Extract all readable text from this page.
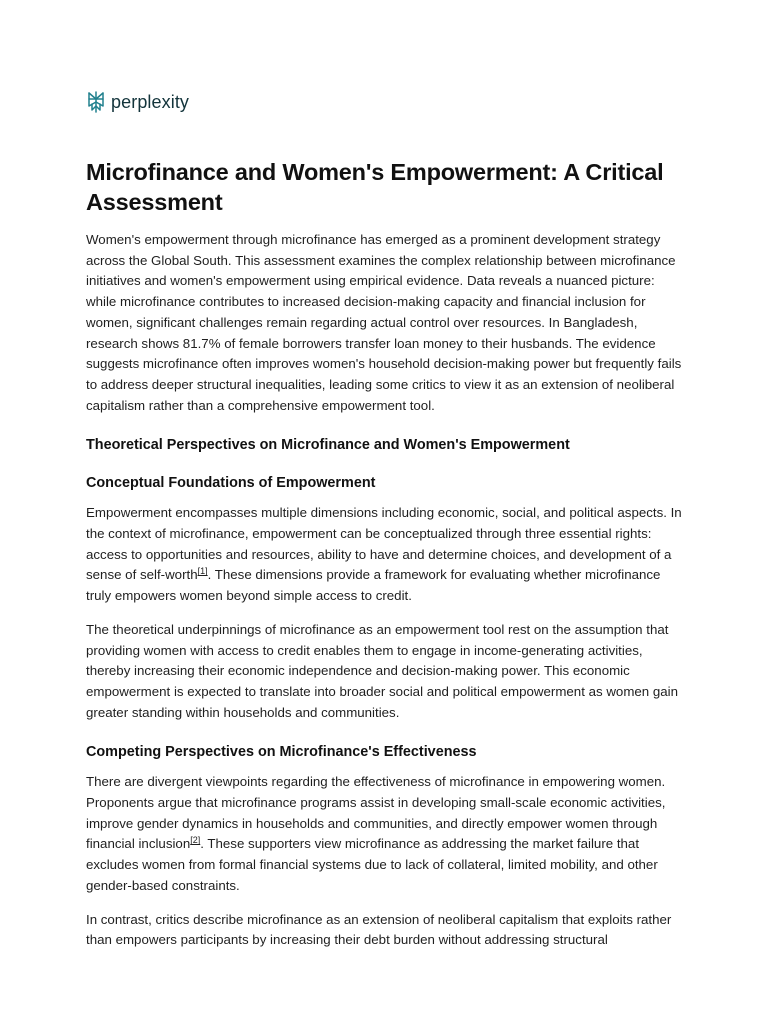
perplexity
Microfinance and Women's Empowerment: A Critical Assessment

Women's empowerment through microfinance has emerged as a prominent development strategy across the Global South. This assessment examines the complex relationship between microfinance initiatives and women's empowerment using empirical evidence. Data reveals a nuanced picture: while microfinance contributes to increased decision-making capacity and financial inclusion for women, significant challenges remain regarding actual control over resources. In Bangladesh, research shows 81.7% of female borrowers transfer loan money to their husbands. The evidence suggests microfinance often improves women's household decision-making power but frequently fails to address deeper structural inequalities, leading some critics to view it as an extension of neoliberal capitalism rather than a comprehensive empowerment tool.

Theoretical Perspectives on Microfinance and Women's Empowerment
Conceptual Foundations of Empowerment

Empowerment encompasses multiple dimensions including economic, social, and political aspects. In the context of microfinance, empowerment can be conceptualized through three essential rights: access to opportunities and resources, ability to have and determine choices, and development of a sense of self-worth[1]. These dimensions provide a framework for evaluating whether microfinance truly empowers women beyond simple access to credit.

The theoretical underpinnings of microfinance as an empowerment tool rest on the assumption that providing women with access to credit enables them to engage in income-generating activities, thereby increasing their economic independence and decision-making power. This economic empowerment is expected to translate into broader social and political empowerment as women gain greater standing within households and communities.

Competing Perspectives on Microfinance's Effectiveness

There are divergent viewpoints regarding the effectiveness of microfinance in empowering women. Proponents argue that microfinance programs assist in developing small-scale economic activities, improve gender dynamics in households and communities, and directly empower women through financial inclusion[2]. These supporters view microfinance as addressing the market failure that excludes women from formal financial systems due to lack of collateral, limited mobility, and other gender-based constraints.

In contrast, critics describe microfinance as an extension of neoliberal capitalism that exploits rather than empowers participants by increasing their debt burden without addressing structural
